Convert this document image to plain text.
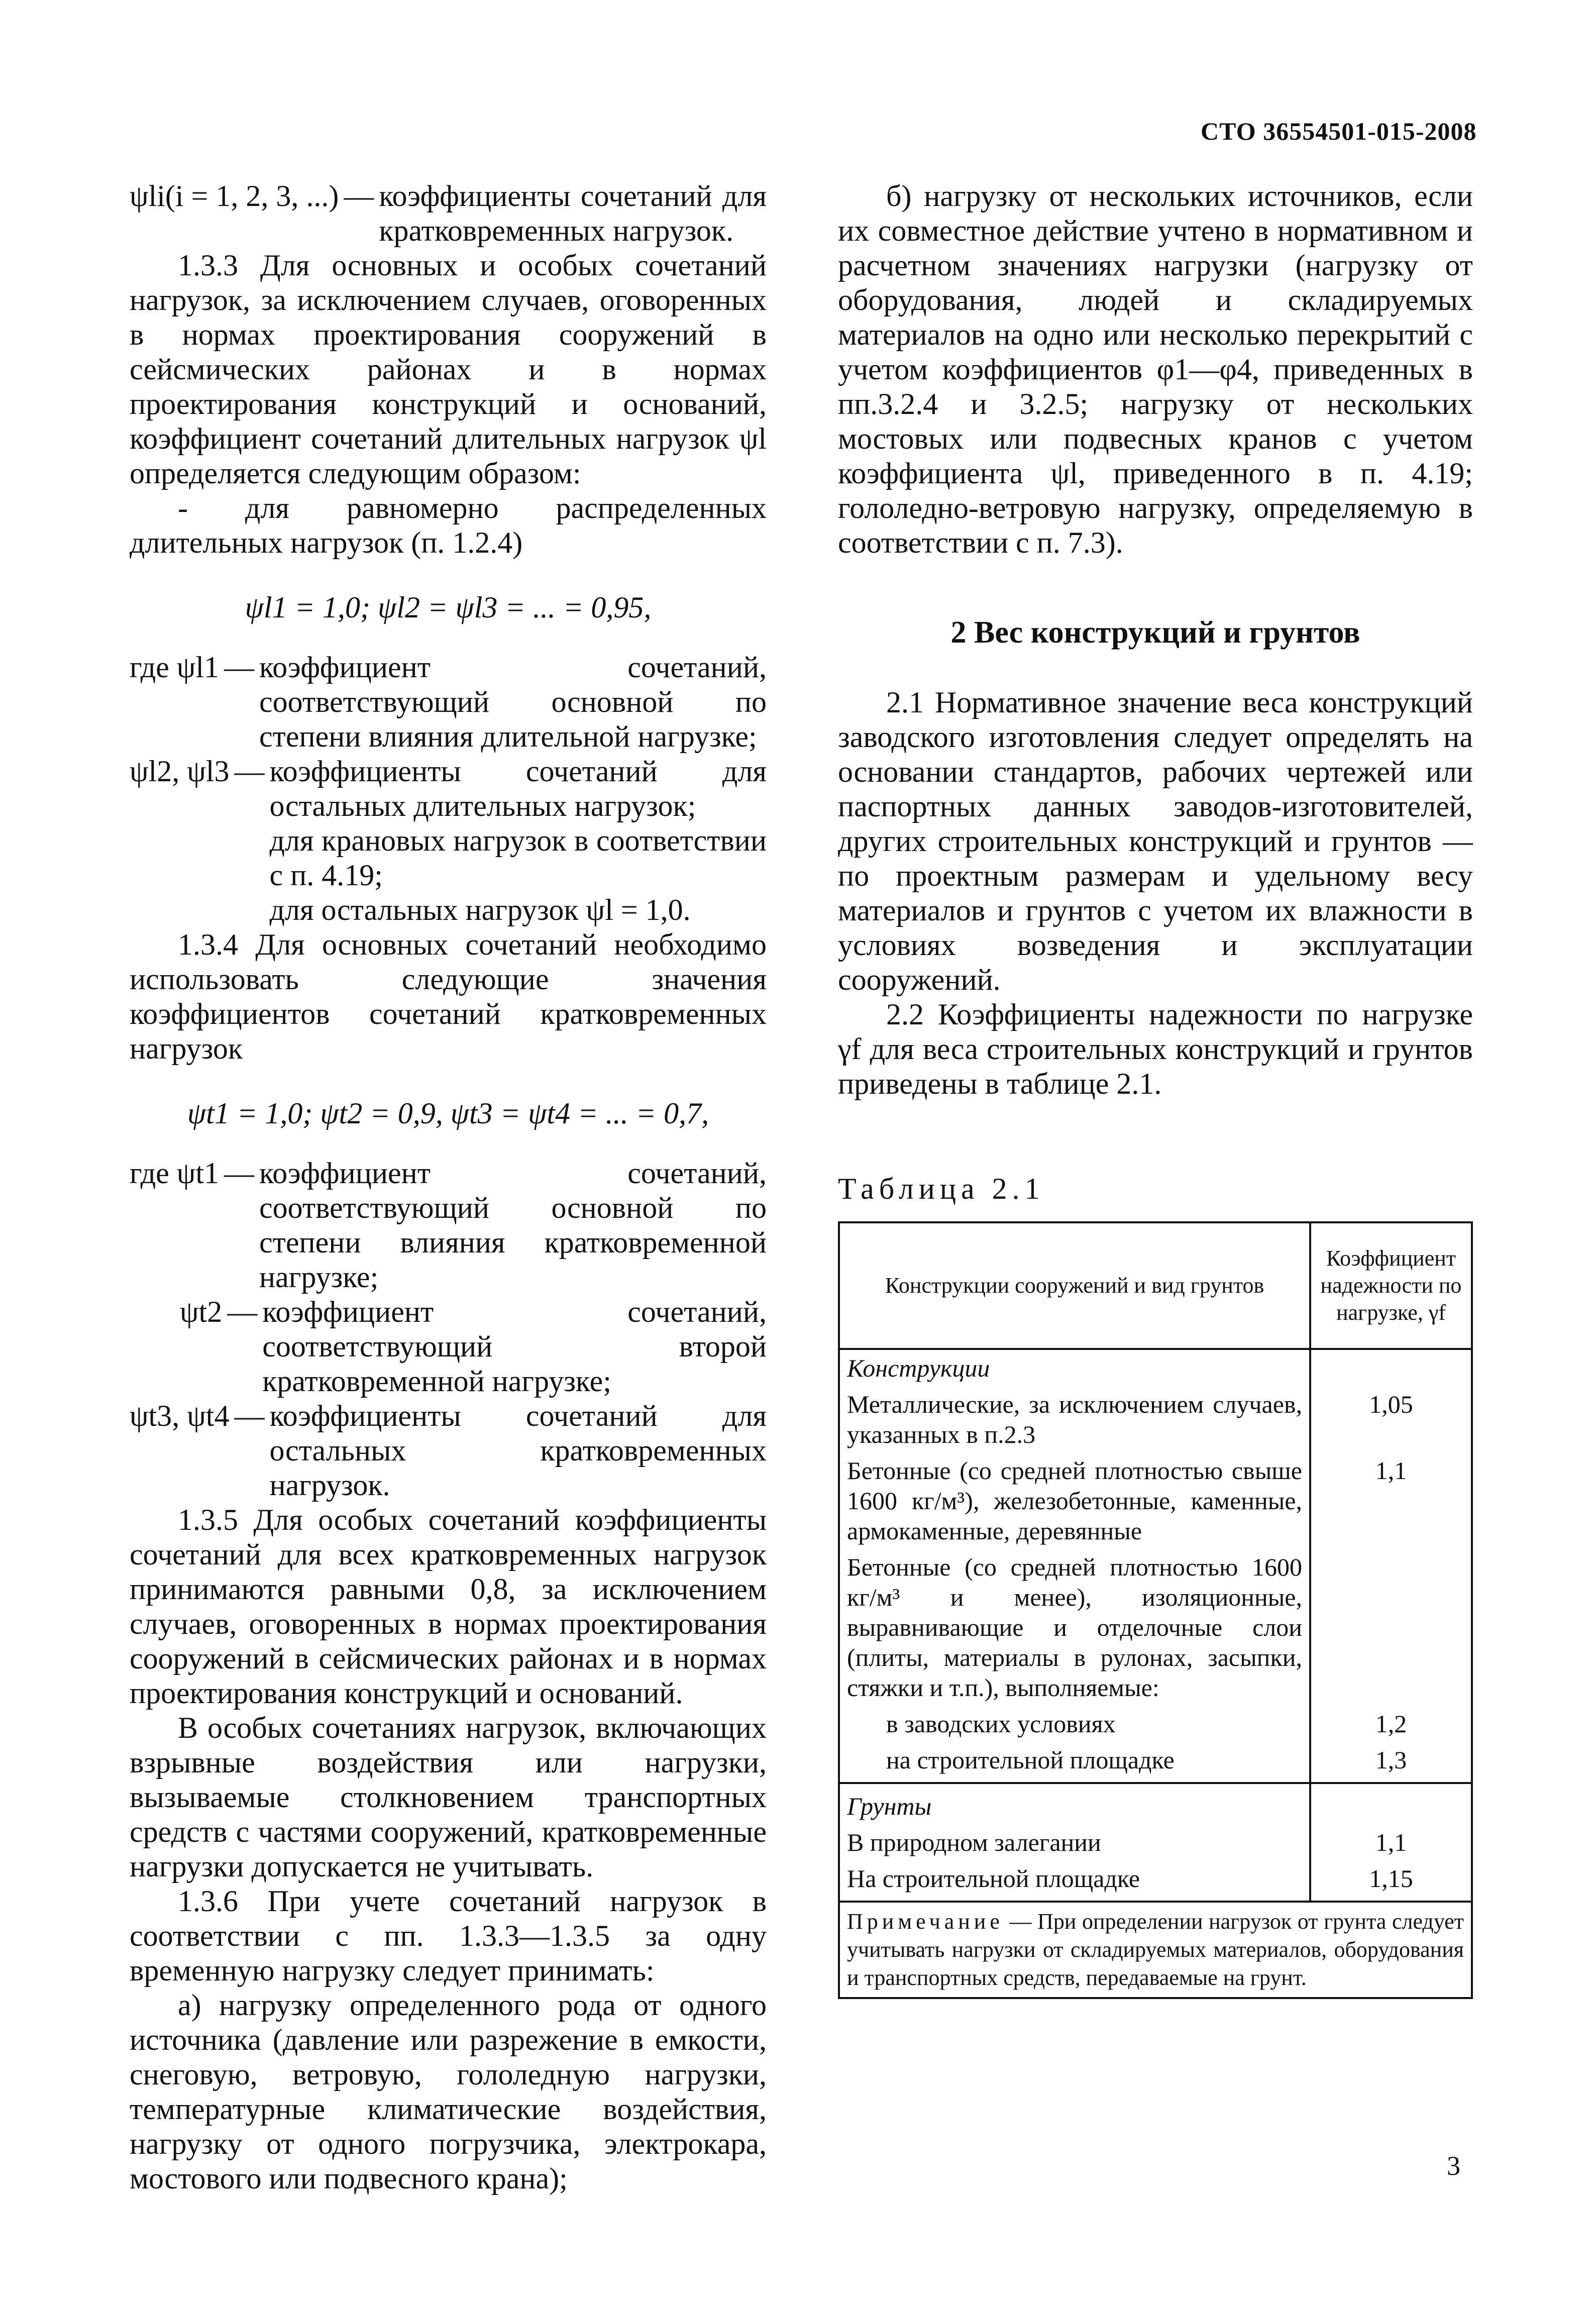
СТО 36554501-015-2008
ψli(i = 1, 2, 3, ...) — коэффициенты сочетаний для кратковременных нагрузок.

1.3.3 Для основных и особых сочетаний нагрузок, за исключением случаев, оговоренных в нормах проектирования сооружений в сейсмических районах и в нормах проектирования конструкций и оснований, коэффициент сочетаний длительных нагрузок ψl определяется следующим образом:

- для равномерно распределенных длительных нагрузок (п. 1.2.4)

ψl1 = 1,0; ψl2 = ψl3 = ... = 0,95,

где ψl1 — коэффициент сочетаний, соответствующий основной по степени влияния длительной нагрузке;
ψl2, ψl3 — коэффициенты сочетаний для остальных длительных нагрузок;
для крановых нагрузок в соответствии с п. 4.19;
для остальных нагрузок ψl = 1,0.

1.3.4 Для основных сочетаний необходимо использовать следующие значения коэффициентов сочетаний кратковременных нагрузок

ψt1 = 1,0; ψt2 = 0,9, ψt3 = ψt4 = ... = 0,7,

где ψt1 — коэффициент сочетаний, соответствующий основной по степени влияния кратковременной нагрузке;
ψt2 — коэффициент сочетаний, соответствующий второй кратковременной нагрузке;
ψt3, ψt4 — коэффициенты сочетаний для остальных кратковременных нагрузок.

1.3.5 Для особых сочетаний коэффициенты сочетаний для всех кратковременных нагрузок принимаются равными 0,8, за исключением случаев, оговоренных в нормах проектирования сооружений в сейсмических районах и в нормах проектирования конструкций и оснований.

В особых сочетаниях нагрузок, включающих взрывные воздействия или нагрузки, вызываемые столкновением транспортных средств с частями сооружений, кратковременные нагрузки допускается не учитывать.

1.3.6 При учете сочетаний нагрузок в соответствии с пп. 1.3.3—1.3.5 за одну временную нагрузку следует принимать:

а) нагрузку определенного рода от одного источника (давление или разрежение в емкости, снеговую, ветровую, гололедную нагрузки, температурные климатические воздействия, нагрузку от одного погрузчика, электрокара, мостового или подвесного крана);

б) нагрузку от нескольких источников, если их совместное действие учтено в нормативном и расчетном значениях нагрузки (нагрузку от оборудования, людей и складируемых материалов на одно или несколько перекрытий с учетом коэффициентов φ1—φ4, приведенных в пп.3.2.4 и 3.2.5; нагрузку от нескольких мостовых или подвесных кранов с учетом коэффициента ψl, приведенного в п. 4.19; гололедно-ветровую нагрузку, определяемую в соответствии с п. 7.3).

2 Вес конструкций и грунтов

2.1 Нормативное значение веса конструкций заводского изготовления следует определять на основании стандартов, рабочих чертежей или паспортных данных заводов-изготовителей, других строительных конструкций и грунтов — по проектным размерам и удельному весу материалов и грунтов с учетом их влажности в условиях возведения и эксплуатации сооружений.

2.2 Коэффициенты надежности по нагрузке γf для веса строительных конструкций и грунтов приведены в таблице 2.1.

Таблица 2.1

Конструкции сооружений и вид грунтов	Коэффициент надежности по нагрузке, γf
Конструкции	
Металлические, за исключением случаев, указанных в п.2.3	1,05
Бетонные (со средней плотностью свыше 1600 кг/м³), железобетонные, каменные, армокаменные, деревянные	1,1
Бетонные (со средней плотностью 1600 кг/м³ и менее), изоляционные, выравнивающие и отделочные слои (плиты, материалы в рулонах, засыпки, стяжки и т.п.), выполняемые:	
в заводских условиях	1,2
на строительной площадке	1,3
Грунты	
В природном залегании	1,1
На строительной площадке	1,15
Примечание — При определении нагрузок от грунта следует учитывать нагрузки от складируемых материалов, оборудования и транспортных средств, передаваемые на грунт.	
3
